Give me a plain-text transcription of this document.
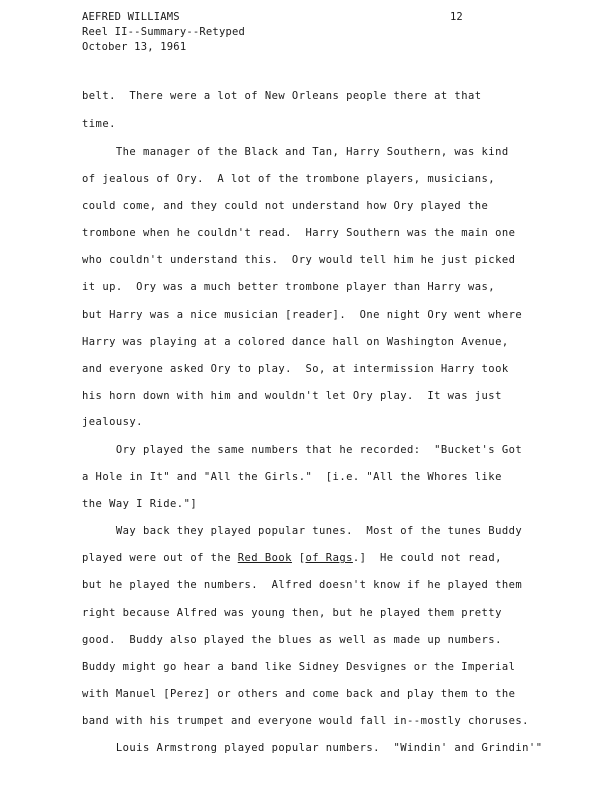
AEFRED WILLIAMS
Reel II--Summary--Retyped
October 13, 1961
12
belt.  There were a lot of New Orleans people there at that
time.
The manager of the Black and Tan, Harry Southern, was kind
of jealous of Ory.  A lot of the trombone players, musicians,
could come, and they could not understand how Ory played the
trombone when he couldn't read.  Harry Southern was the main one
who couldn't understand this.  Ory would tell him he just picked
it up.  Ory was a much better trombone player than Harry was,
but Harry was a nice musician [reader].  One night Ory went where
Harry was playing at a colored dance hall on Washington Avenue,
and everyone asked Ory to play.  So, at intermission Harry took
his horn down with him and wouldn't let Ory play.  It was just
jealousy.
Ory played the same numbers that he recorded:  "Bucket's Got
a Hole in It" and "All the Girls."  [i.e. "All the Whores like
the Way I Ride."]
Way back they played popular tunes.  Most of the tunes Buddy
played were out of the Red Book [of Rags.]  He could not read,
but he played the numbers.  Alfred doesn't know if he played them
right because Alfred was young then, but he played them pretty
good.  Buddy also played the blues as well as made up numbers.
Buddy might go hear a band like Sidney Desvignes or the Imperial
with Manuel [Perez] or others and come back and play them to the
band with his trumpet and everyone would fall in--mostly choruses.
Louis Armstrong played popular numbers.  "Windin' and Grindin'"
